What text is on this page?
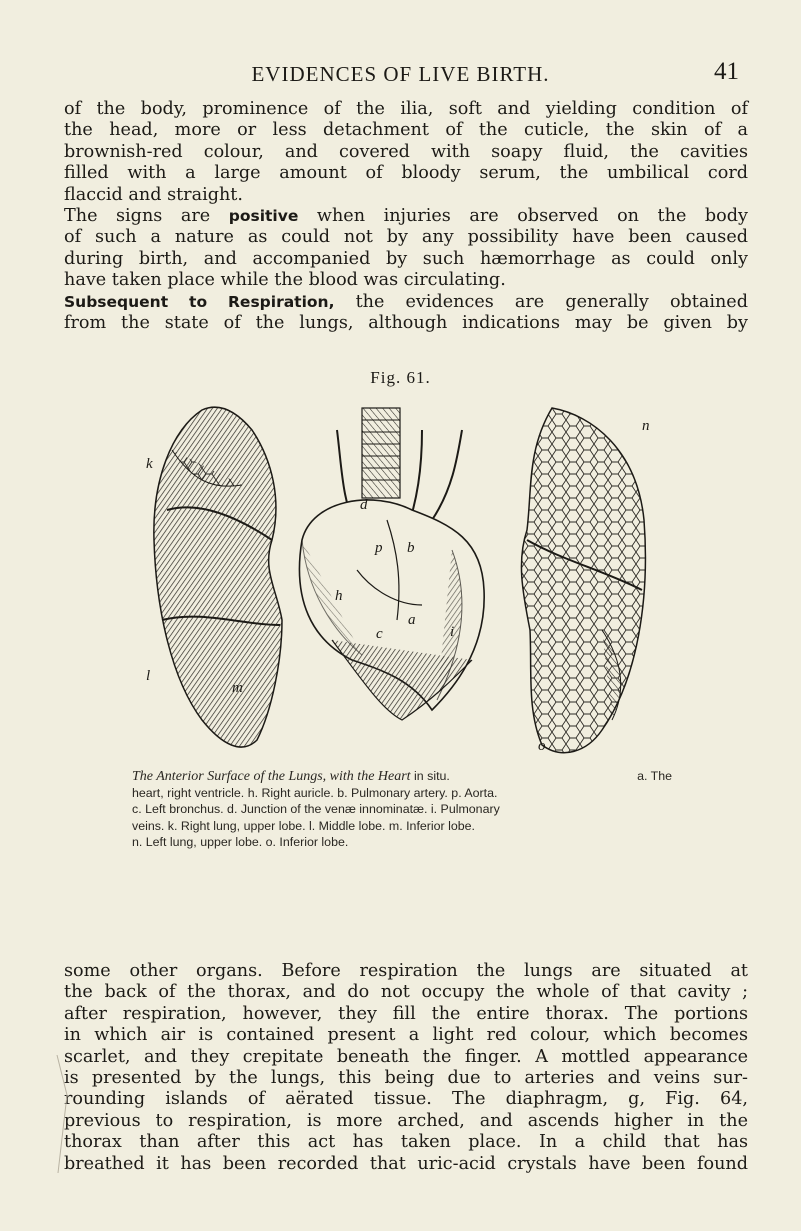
EVIDENCES OF LIVE BIRTH.	41
of the body, prominence of the ilia, soft and yielding condition of
the head, more or less detachment of the cuticle, the skin of a
brownish-red colour, and covered with soapy fluid, the cavities
filled with a large amount of bloody serum, the umbilical cord
flaccid and straight.
The signs are positive when injuries are observed on the body
of such a nature as could not by any possibility have been caused
during birth, and accompanied by such hæmorrhage as could only
have taken place while the blood was circulating.
Subsequent to Respiration, the evidences are generally obtained
from the state of the lungs, although indications may be given by
Fig. 61.
k
n
d
p b
h
c
a
i
l
m
o
The Anterior Surface of the Lungs, with the Heart in situ.	a. The
heart, right ventricle. h. Right auricle. b. Pulmonary artery. p. Aorta.
c. Left bronchus. d. Junction of the venæ innominatæ. i. Pulmonary
veins. k. Right lung, upper lobe. l. Middle lobe. m. Inferior lobe.
n. Left lung, upper lobe. o. Inferior lobe.
some other organs. Before respiration the lungs are situated at
the back of the thorax, and do not occupy the whole of that cavity ;
after respiration, however, they fill the entire thorax. The portions
in which air is contained present a light red colour, which becomes
scarlet, and they crepitate beneath the finger. A mottled appearance
is presented by the lungs, this being due to arteries and veins sur-
rounding islands of aërated tissue. The diaphragm, g, Fig. 64,
previous to respiration, is more arched, and ascends higher in the
thorax than after this act has taken place. In a child that has
breathed it has been recorded that uric-acid crystals have been found
